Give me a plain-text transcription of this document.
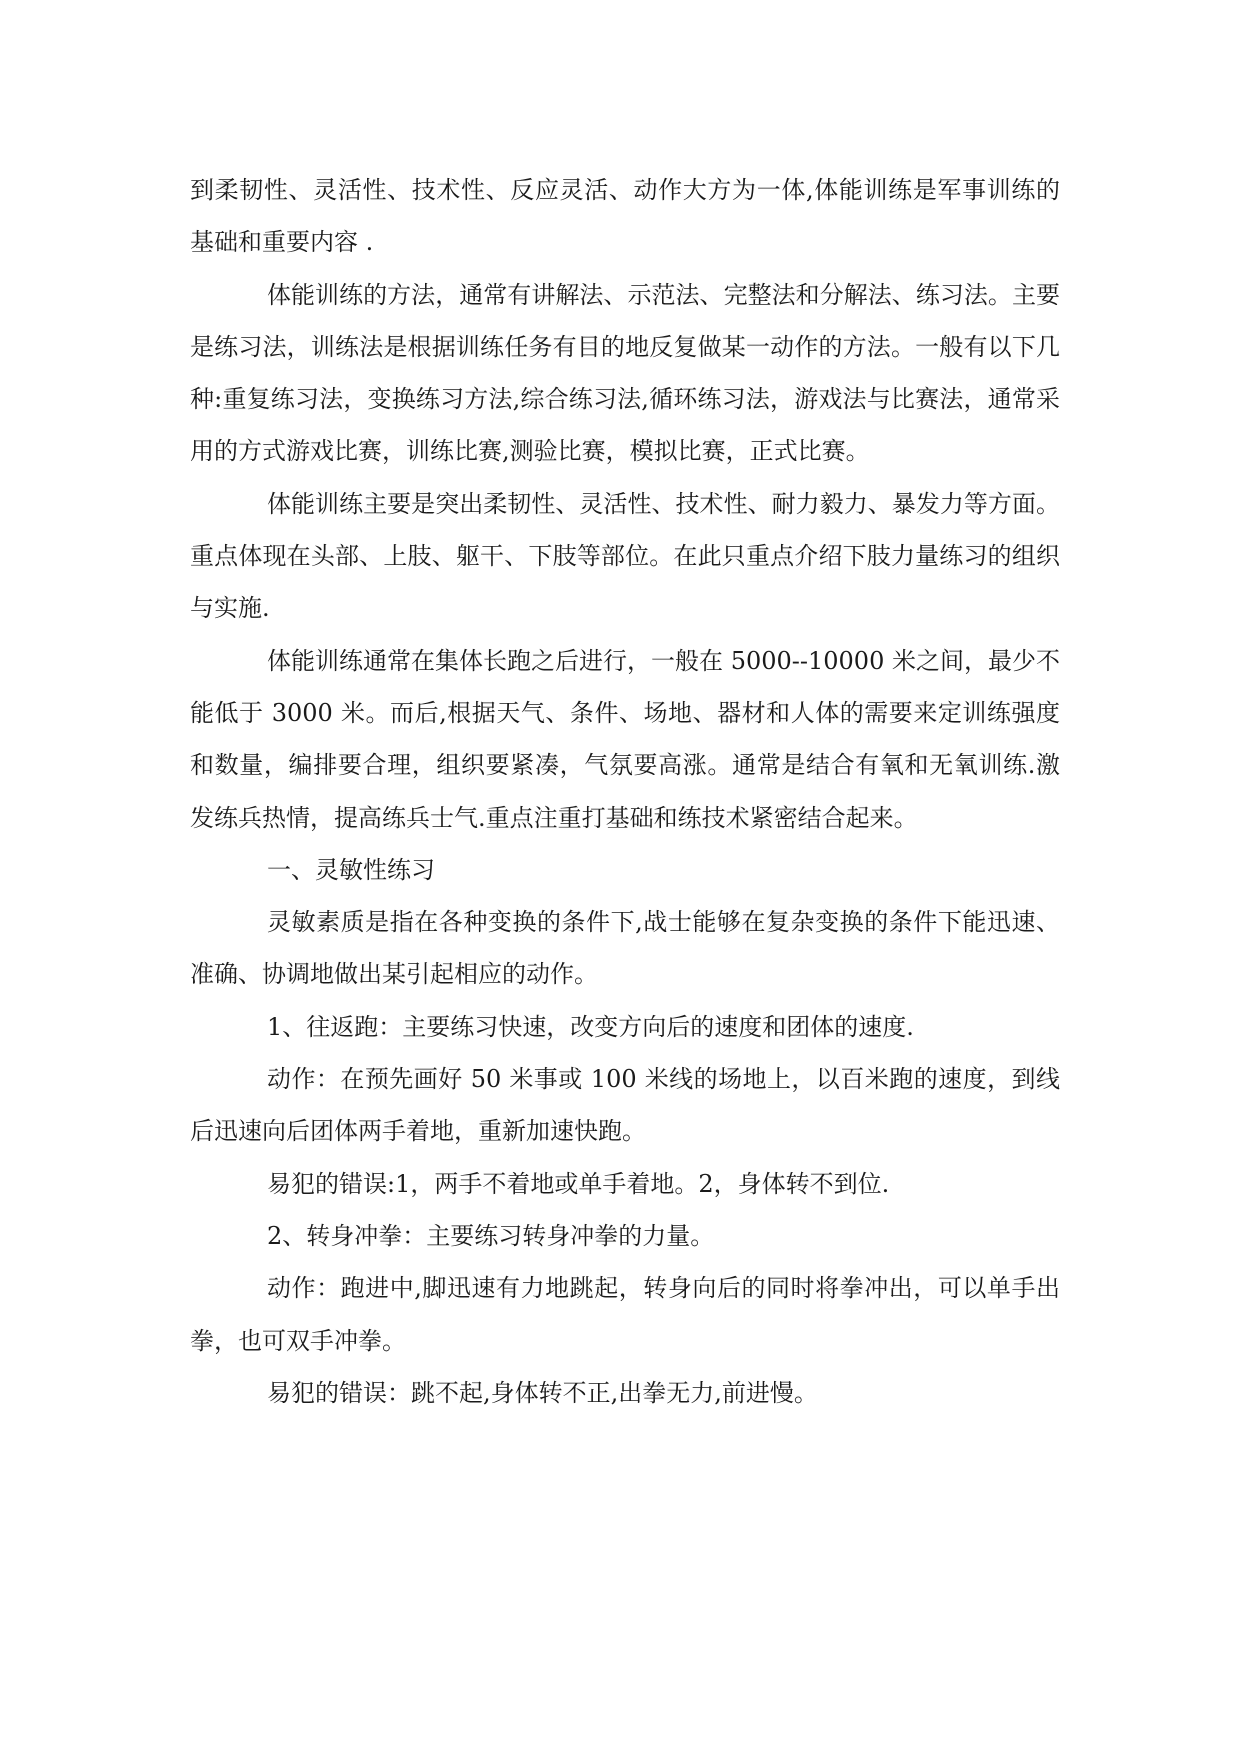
到柔韧性、灵活性、技术性、反应灵活、动作大方为一体,体能训练是军事训练的基础和重要内容 .

体能训练的方法，通常有讲解法、示范法、完整法和分解法、练习法。主要是练习法，训练法是根据训练任务有目的地反复做某一动作的方法。一般有以下几种:重复练习法，变换练习方法,综合练习法,循环练习法，游戏法与比赛法，通常采用的方式游戏比赛，训练比赛,测验比赛，模拟比赛，正式比赛。

体能训练主要是突出柔韧性、灵活性、技术性、耐力毅力、暴发力等方面。重点体现在头部、上肢、躯干、下肢等部位。在此只重点介绍下肢力量练习的组织与实施.

体能训练通常在集体长跑之后进行，一般在 5000--10000 米之间，最少不能低于 3000 米。而后,根据天气、条件、场地、器材和人体的需要来定训练强度和数量，编排要合理，组织要紧凑，气氛要高涨。通常是结合有氧和无氧训练.激发练兵热情，提高练兵士气.重点注重打基础和练技术紧密结合起来。

一、灵敏性练习

灵敏素质是指在各种变换的条件下,战士能够在复杂变换的条件下能迅速、准确、协调地做出某引起相应的动作。

1、往返跑：主要练习快速，改变方向后的速度和团体的速度.

动作：在预先画好 50 米事或 100 米线的场地上，以百米跑的速度，到线后迅速向后团体两手着地，重新加速快跑。

易犯的错误:1，两手不着地或单手着地。2，身体转不到位.

2、转身冲拳：主要练习转身冲拳的力量。

动作：跑进中,脚迅速有力地跳起，转身向后的同时将拳冲出，可以单手出拳，也可双手冲拳。

易犯的错误：跳不起,身体转不正,出拳无力,前进慢。
